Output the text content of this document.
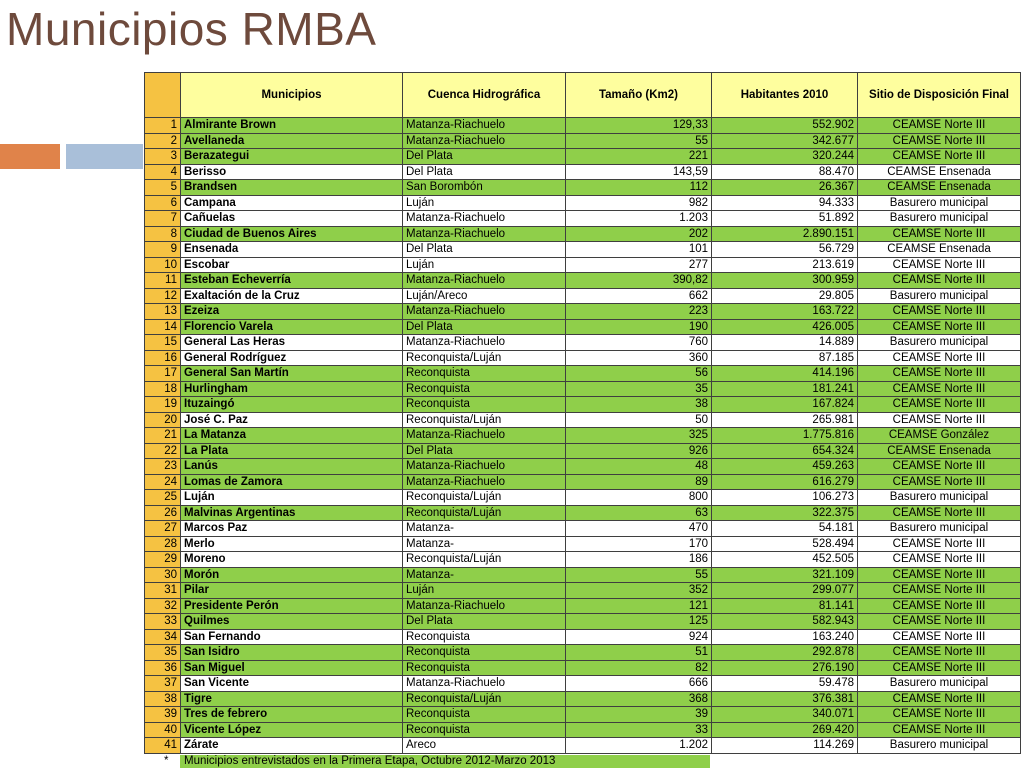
Municipios RMBA
	Municipios	Cuenca Hidrográfica	Tamaño (Km2)	Habitantes 2010	Sitio de Disposición Final
1	Almirante Brown	Matanza-Riachuelo	129,33	552.902	CEAMSE Norte III
2	Avellaneda	Matanza-Riachuelo	55	342.677	CEAMSE Norte III
3	Berazategui	Del Plata	221	320.244	CEAMSE Norte III
4	Berisso	Del Plata	143,59	88.470	CEAMSE Ensenada
5	Brandsen	San Borombón	112	26.367	CEAMSE Ensenada
6	Campana	Luján	982	94.333	Basurero municipal
7	Cañuelas	Matanza-Riachuelo	1.203	51.892	Basurero municipal
8	Ciudad de Buenos Aires	Matanza-Riachuelo	202	2.890.151	CEAMSE Norte III
9	Ensenada	Del Plata	101	56.729	CEAMSE Ensenada
10	Escobar	Luján	277	213.619	CEAMSE Norte III
11	Esteban Echeverría	Matanza-Riachuelo	390,82	300.959	CEAMSE Norte III
12	Exaltación de la Cruz	Luján/Areco	662	29.805	Basurero municipal
13	Ezeiza	Matanza-Riachuelo	223	163.722	CEAMSE Norte III
14	Florencio Varela	Del Plata	190	426.005	CEAMSE Norte III
15	General Las Heras	Matanza-Riachuelo	760	14.889	Basurero municipal
16	General Rodríguez	Reconquista/Luján	360	87.185	CEAMSE Norte III
17	General San Martín	Reconquista	56	414.196	CEAMSE Norte III
18	Hurlingham	Reconquista	35	181.241	CEAMSE Norte III
19	Ituzaingó	Reconquista	38	167.824	CEAMSE Norte III
20	José C. Paz	Reconquista/Luján	50	265.981	CEAMSE Norte III
21	La Matanza	Matanza-Riachuelo	325	1.775.816	CEAMSE González
22	La Plata	Del Plata	926	654.324	CEAMSE Ensenada
23	Lanús	Matanza-Riachuelo	48	459.263	CEAMSE Norte III
24	Lomas de Zamora	Matanza-Riachuelo	89	616.279	CEAMSE Norte III
25	Luján	Reconquista/Luján	800	106.273	Basurero municipal
26	Malvinas Argentinas	Reconquista/Luján	63	322.375	CEAMSE Norte III
27	Marcos Paz	Matanza-	470	54.181	Basurero municipal
28	Merlo	Matanza-	170	528.494	CEAMSE Norte III
29	Moreno	Reconquista/Luján	186	452.505	CEAMSE Norte III
30	Morón	Matanza-	55	321.109	CEAMSE Norte III
31	Pilar	Luján	352	299.077	CEAMSE Norte III
32	Presidente Perón	Matanza-Riachuelo	121	81.141	CEAMSE Norte III
33	Quilmes	Del Plata	125	582.943	CEAMSE Norte III
34	San Fernando	Reconquista	924	163.240	CEAMSE Norte III
35	San Isidro	Reconquista	51	292.878	CEAMSE Norte III
36	San Miguel	Reconquista	82	276.190	CEAMSE Norte III
37	San Vicente	Matanza-Riachuelo	666	59.478	Basurero municipal
38	Tigre	Reconquista/Luján	368	376.381	CEAMSE Norte III
39	Tres de febrero	Reconquista	39	340.071	CEAMSE Norte III
40	Vicente López	Reconquista	33	269.420	CEAMSE Norte III
41	Zárate	Areco	1.202	114.269	Basurero municipal
*	Municipios entrevistados en la Primera Etapa, Octubre 2012-Marzo 2013
